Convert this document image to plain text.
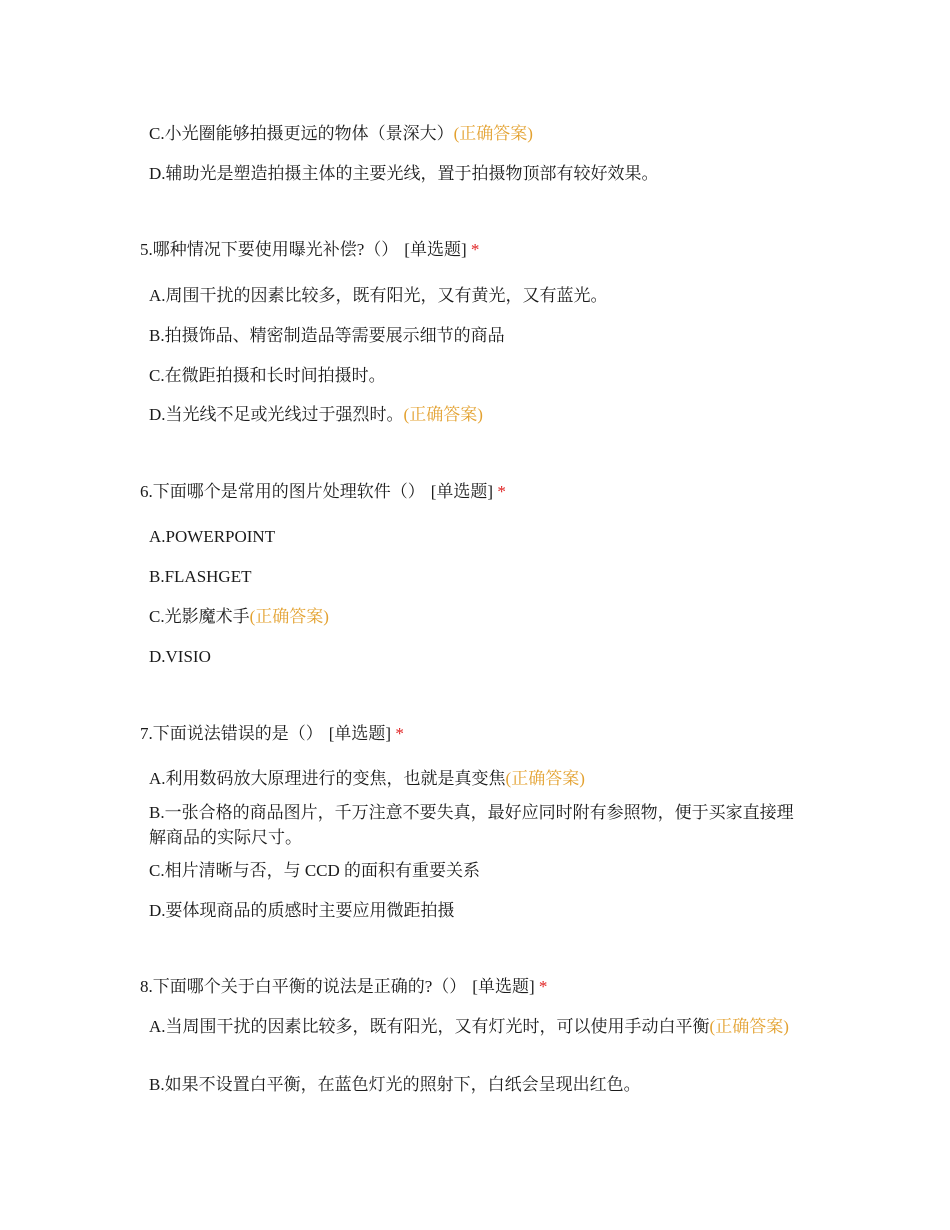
C.小光圈能够拍摄更远的物体（景深大）(正确答案)
D.辅助光是塑造拍摄主体的主要光线，置于拍摄物顶部有较好效果。
5.哪种情况下要使用曝光补偿?（） [单选题] *
A.周围干扰的因素比较多，既有阳光，又有黄光，又有蓝光。
B.拍摄饰品、精密制造品等需要展示细节的商品
C.在微距拍摄和长时间拍摄时。
D.当光线不足或光线过于强烈时。(正确答案)
6.下面哪个是常用的图片处理软件（） [单选题] *
A.POWERPOINT
B.FLASHGET
C.光影魔术手(正确答案)
D.VISIO
7.下面说法错误的是（） [单选题] *
A.利用数码放大原理进行的变焦，也就是真变焦(正确答案)
B.一张合格的商品图片，千万注意不要失真，最好应同时附有参照物，便于买家直接理解商品的实际尺寸。
C.相片清晰与否，与 CCD 的面积有重要关系
D.要体现商品的质感时主要应用微距拍摄
8.下面哪个关于白平衡的说法是正确的?（） [单选题] *
A.当周围干扰的因素比较多，既有阳光，又有灯光时，可以使用手动白平衡(正确答案)
B.如果不设置白平衡，在蓝色灯光的照射下，白纸会呈现出红色。
